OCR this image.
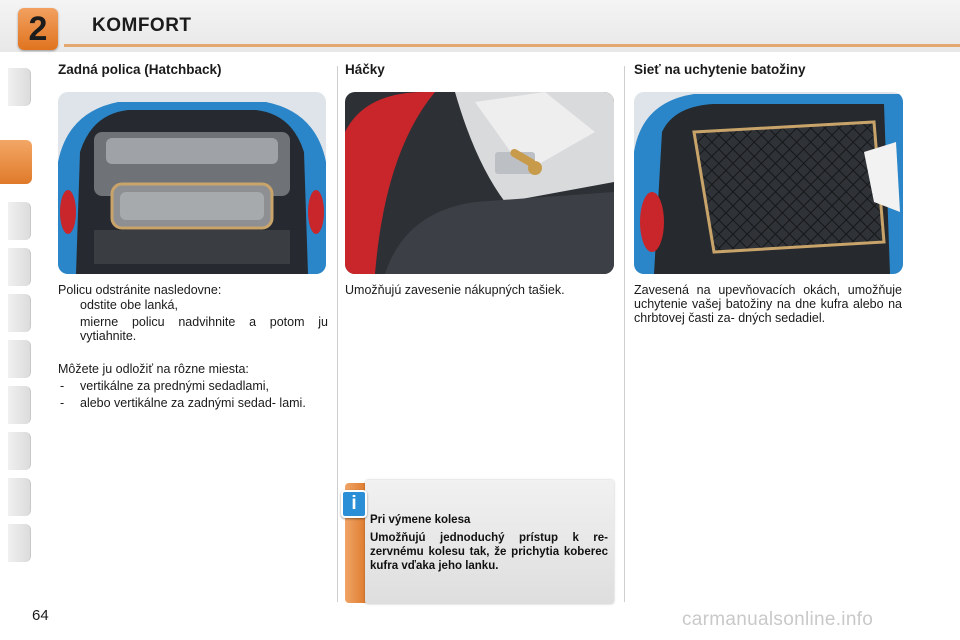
2 KOMFORT
Zadná polica (Hatchback)
Policu odstránite nasledovne:
odstite obe lanká,
mierne policu nadvihnite a potom ju vytiahnite.
Môžete ju odložiť na rôzne miesta:
- vertikálne za prednými sedadlami,
- alebo vertikálne za zadnými sedad- lami.
Háčky
Umožňujú zavesenie nákupných tašiek.
Sieť na uchytenie batožiny
Zavesená na upevňovacích okách, umožňuje uchytenie vašej batožiny na dne kufra alebo na chrbtovej časti za- dných sedadiel.
i
Pri výmene kolesa
Umožňujú jednoduchý prístup k re- zervnému kolesu tak, že prichytia koberec kufra vďaka jeho lanku.
64	carmanualsonline.info
